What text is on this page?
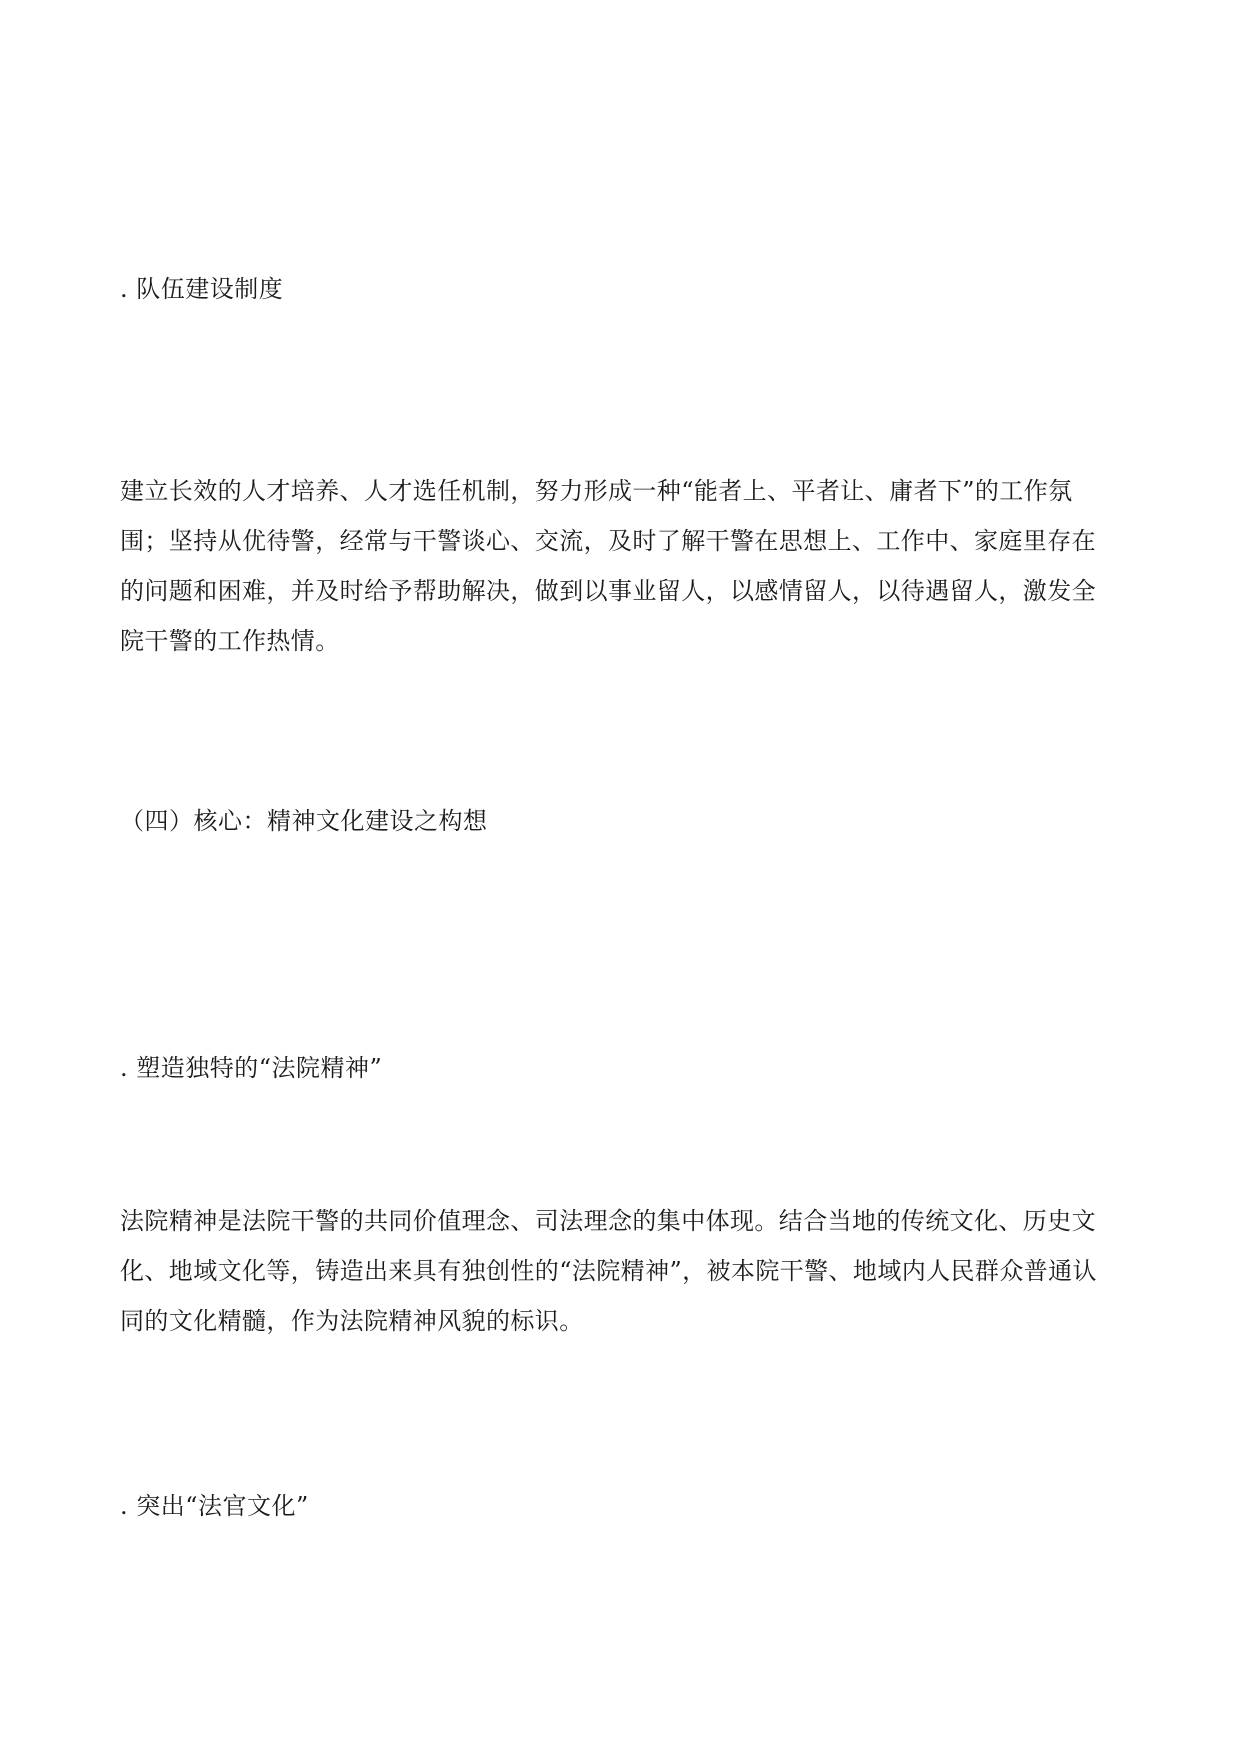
. 队伍建设制度
建立长效的人才培养、人才选任机制，努力形成一种“能者上、平者让、庸者下”的工作氛
围；坚持从优待警，经常与干警谈心、交流，及时了解干警在思想上、工作中、家庭里存在
的问题和困难，并及时给予帮助解决，做到以事业留人，以感情留人，以待遇留人，激发全
院干警的工作热情。
（四）核心：精神文化建设之构想
. 塑造独特的“法院精神”
法院精神是法院干警的共同价值理念、司法理念的集中体现。结合当地的传统文化、历史文
化、地域文化等，铸造出来具有独创性的“法院精神”，被本院干警、地域内人民群众普通认
同的文化精髓，作为法院精神风貌的标识。
. 突出“法官文化”
